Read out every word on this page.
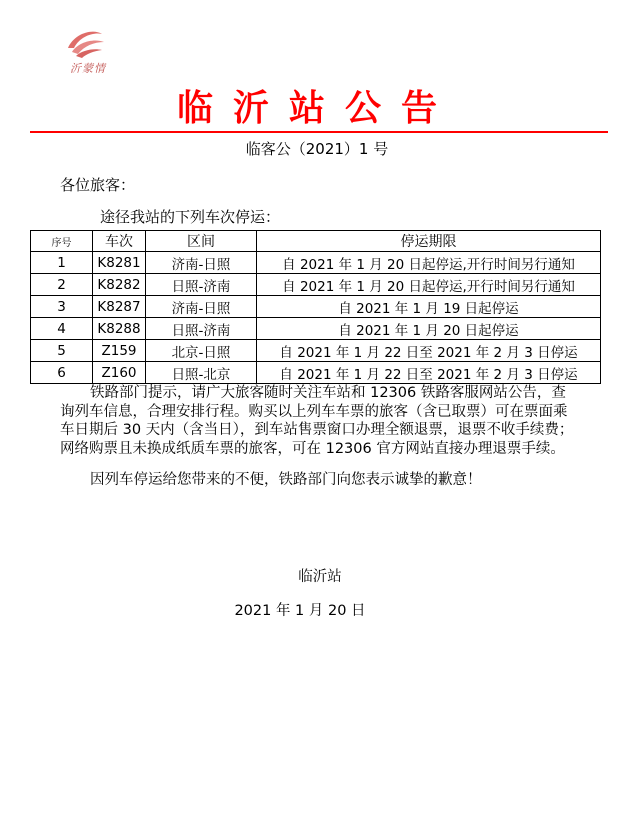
沂蒙情
临沂站公告
临客公（2021）1 号
各位旅客：
途径我站的下列车次停运：
序号	车次	区间	停运期限
1	K8281	济南-日照	自 2021 年 1 月 20 日起停运,开行时间另行通知
2	K8282	日照-济南	自 2021 年 1 月 20 日起停运,开行时间另行通知
3	K8287	济南-日照	自 2021 年 1 月 19 日起停运
4	K8288	日照-济南	自 2021 年 1 月 20 日起停运
5	Z159	北京-日照	自 2021 年 1 月 22 日至 2021 年 2 月 3 日停运
6	Z160	日照-北京	自 2021 年 1 月 22 日至 2021 年 2 月 3 日停运

铁路部门提示，请广大旅客随时关注车站和 12306 铁路客服网站公告，查询列车信息，合理安排行程。购买以上列车车票的旅客（含已取票）可在票面乘车日期后 30 天内（含当日），到车站售票窗口办理全额退票，退票不收手续费；网络购票且未换成纸质车票的旅客，可在 12306 官方网站直接办理退票手续。

因列车停运给您带来的不便，铁路部门向您表示诚挚的歉意！

临沂站
2021 年 1 月 20 日
